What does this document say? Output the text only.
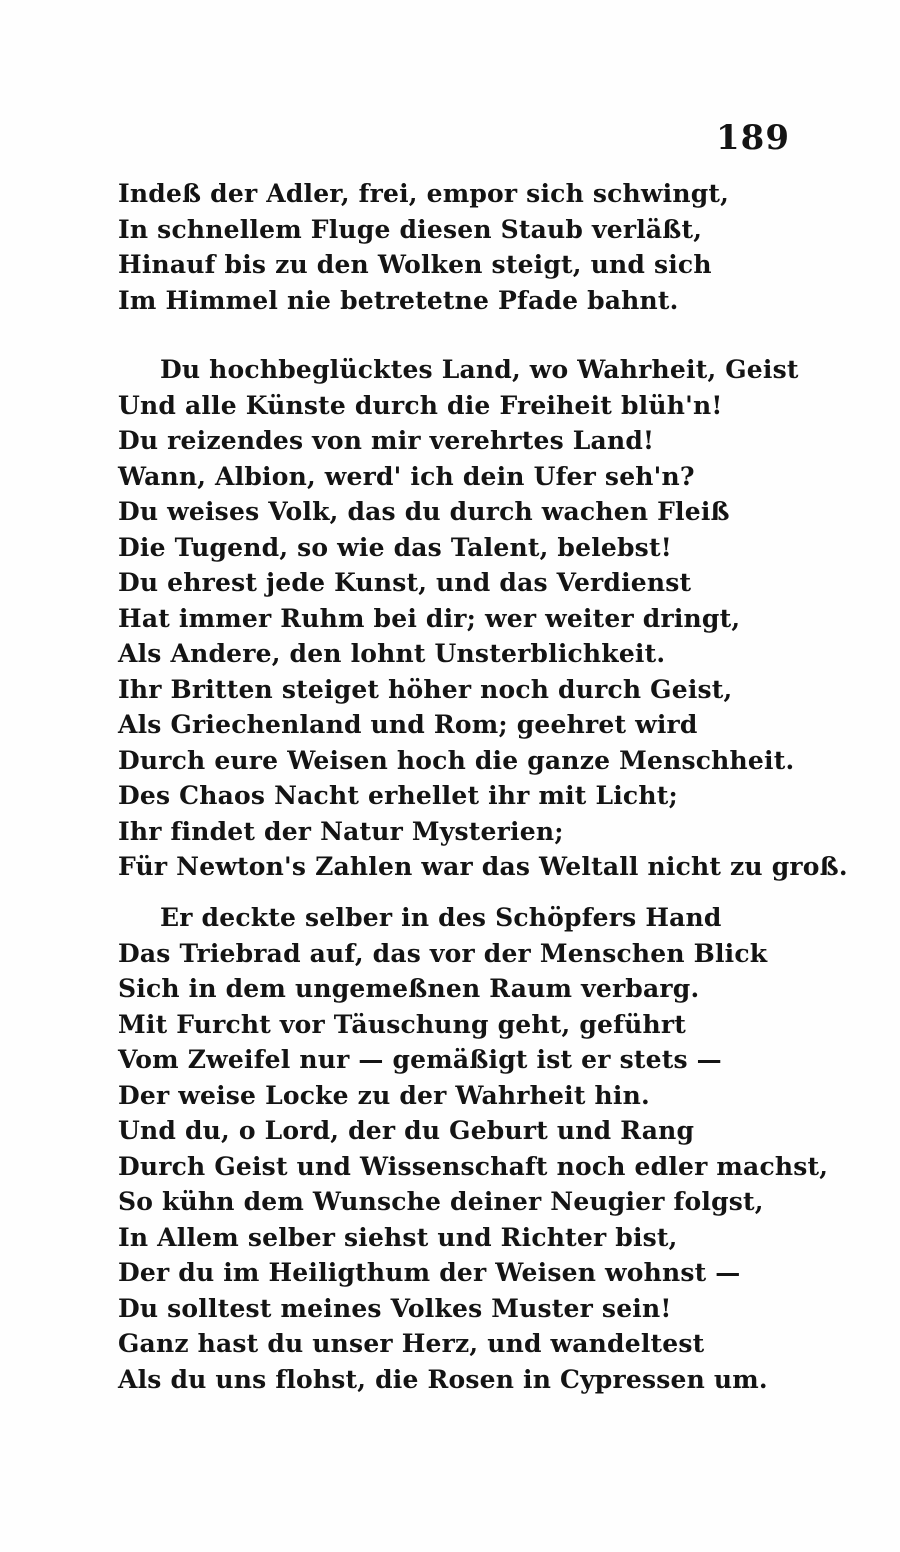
189
Indeß der Adler, frei, empor sich schwingt,
In schnellem Fluge diesen Staub verläßt,
Hinauf bis zu den Wolken steigt, und sich
Im Himmel nie betretetne Pfade bahnt.
Du hochbeglücktes Land, wo Wahrheit, Geist
Und alle Künste durch die Freiheit blüh'n!
Du reizendes von mir verehrtes Land!
Wann, Albion, werd' ich dein Ufer seh'n?
Du weises Volk, das du durch wachen Fleiß
Die Tugend, so wie das Talent, belebst!
Du ehrest jede Kunst, und das Verdienst
Hat immer Ruhm bei dir; wer weiter dringt,
Als Andere, den lohnt Unsterblichkeit.
Ihr Britten steiget höher noch durch Geist,
Als Griechenland und Rom; geehret wird
Durch eure Weisen hoch die ganze Menschheit.
Des Chaos Nacht erhellet ihr mit Licht;
Ihr findet der Natur Mysterien;
Für Newton's Zahlen war das Weltall nicht zu groß.
Er deckte selber in des Schöpfers Hand
Das Triebrad auf, das vor der Menschen Blick
Sich in dem ungemeßnen Raum verbarg.
Mit Furcht vor Täuschung geht, geführt
Vom Zweifel nur — gemäßigt ist er stets —
Der weise Locke zu der Wahrheit hin.
Und du, o Lord, der du Geburt und Rang
Durch Geist und Wissenschaft noch edler machst,
So kühn dem Wunsche deiner Neugier folgst,
In Allem selber siehst und Richter bist,
Der du im Heiligthum der Weisen wohnst —
Du solltest meines Volkes Muster sein!
Ganz hast du unser Herz, und wandeltest
Als du uns flohst, die Rosen in Cypressen um.
